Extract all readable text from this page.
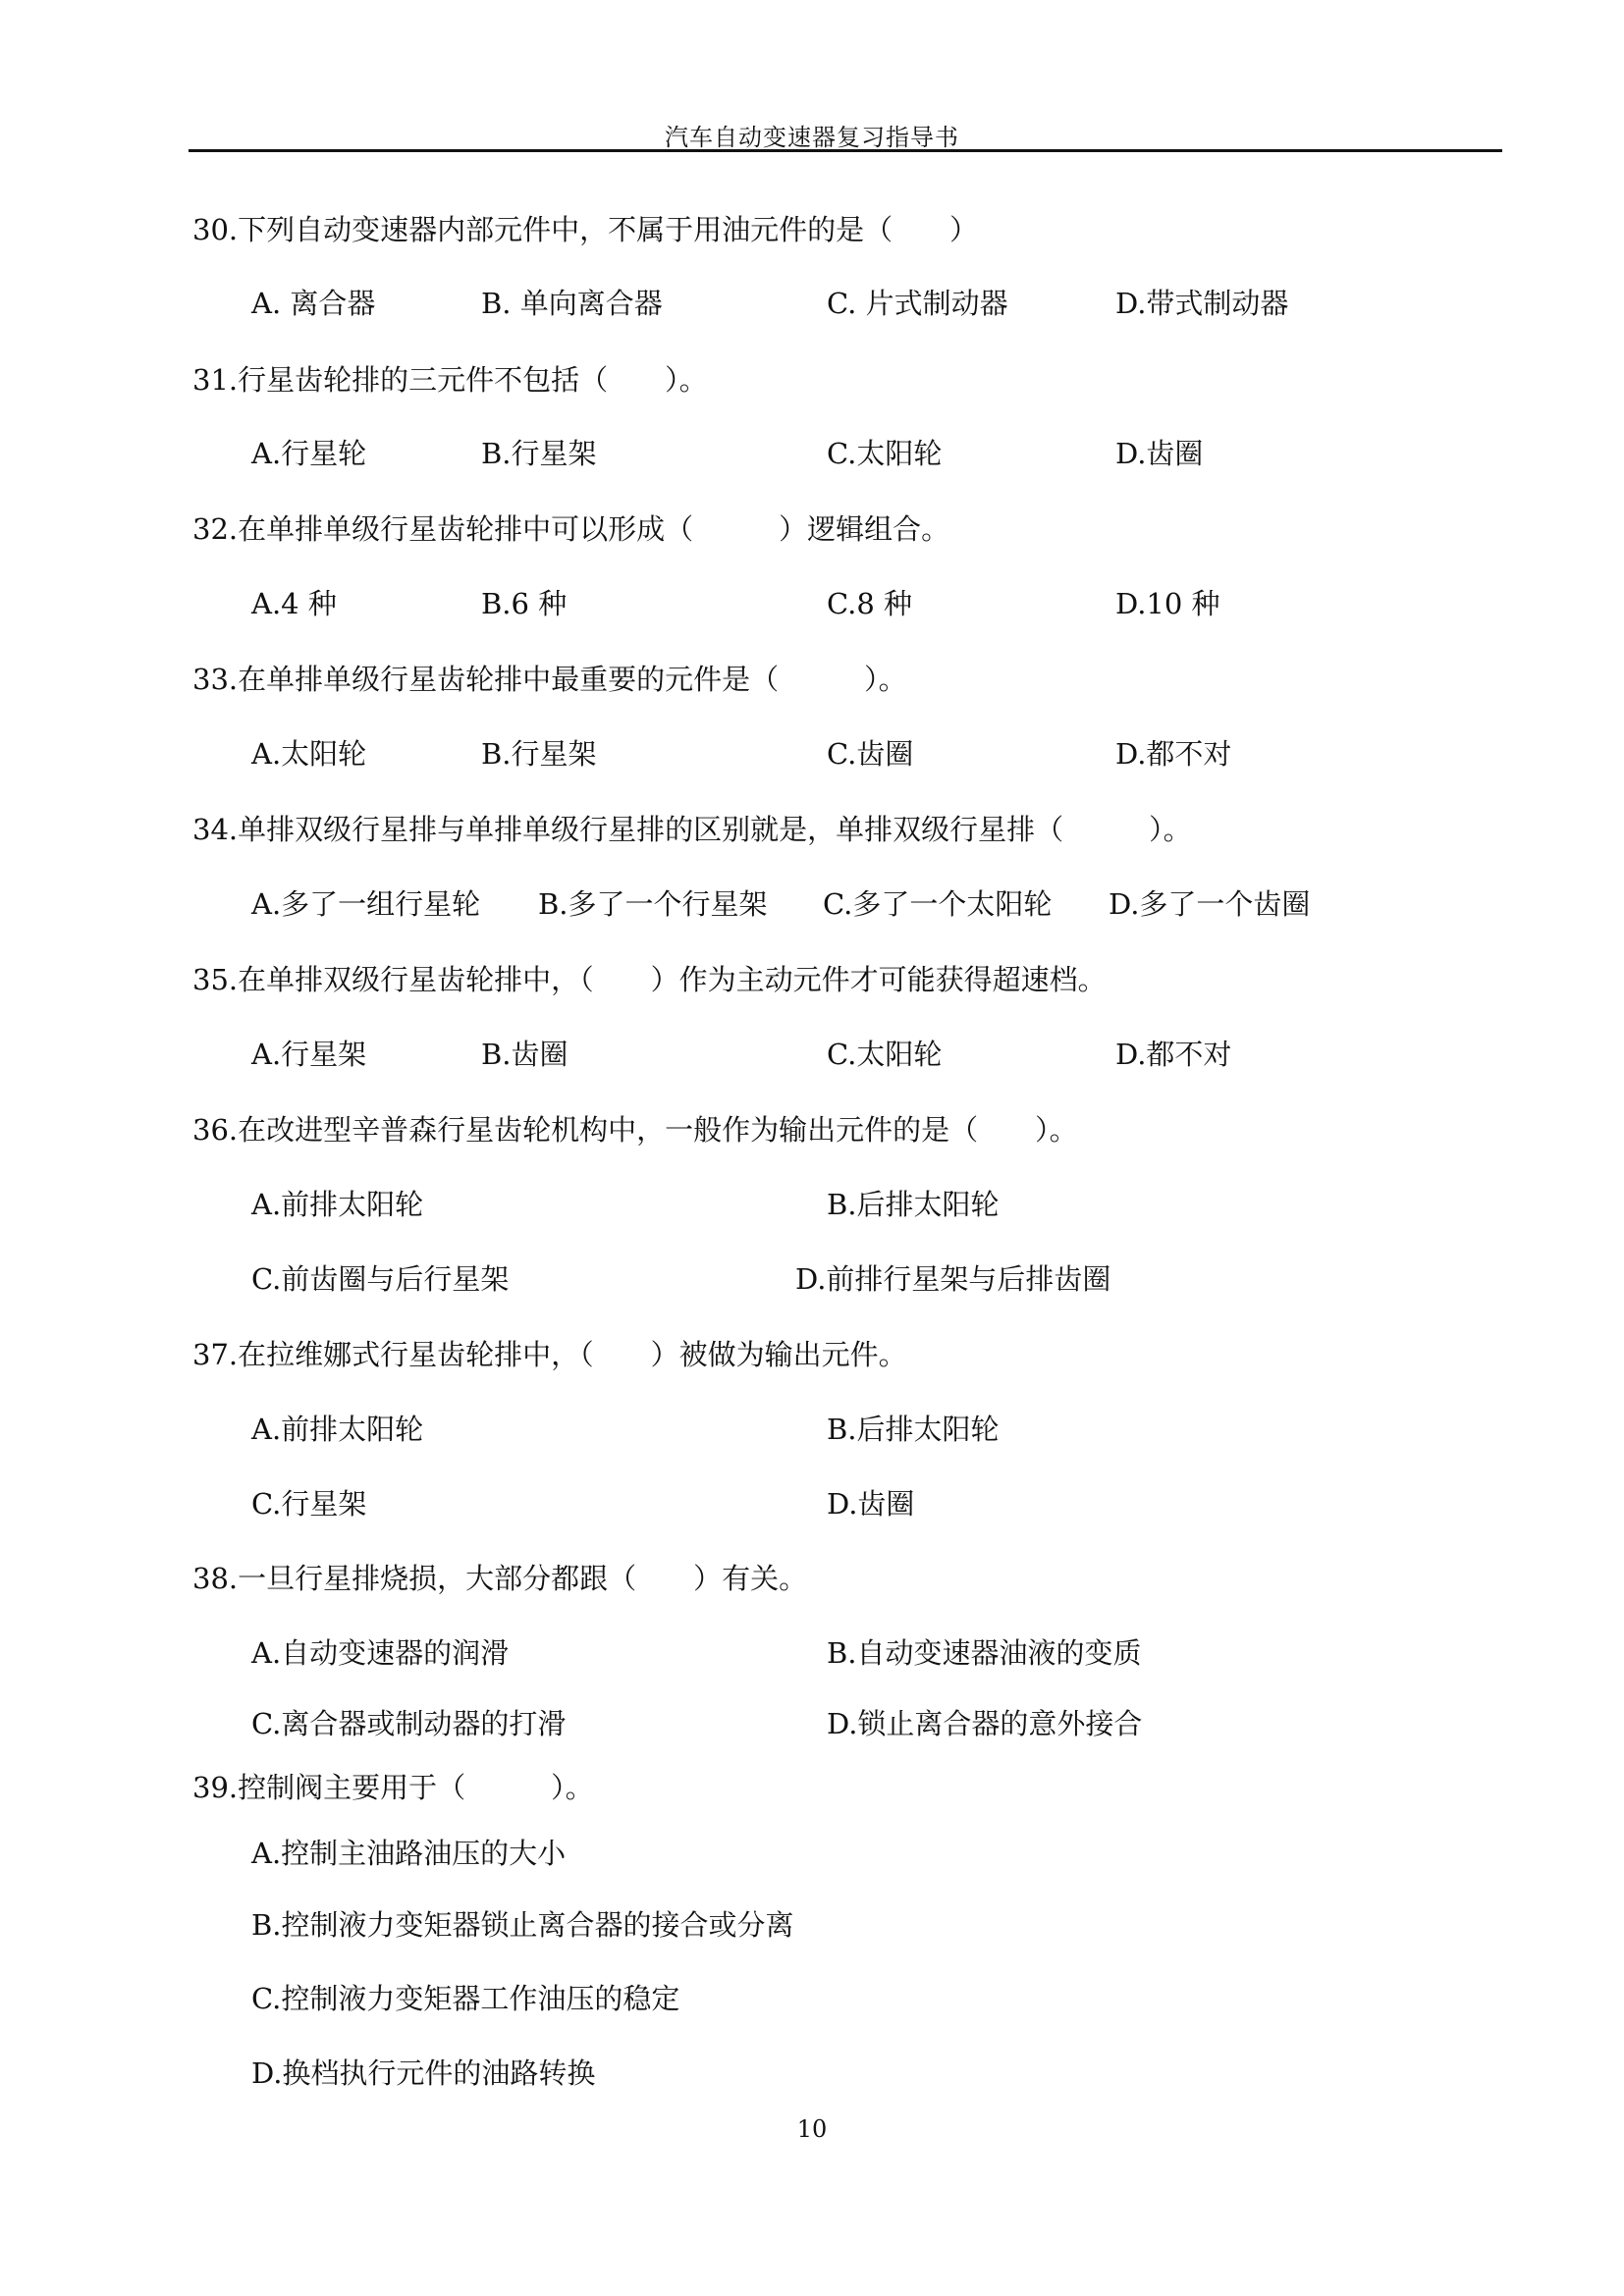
汽车自动变速器复习指导书
30.下列自动变速器内部元件中，不属于用油元件的是（　　）
A. 离合器	B. 单向离合器	C. 片式制动器	D.带式制动器
31.行星齿轮排的三元件不包括（　　）。
A.行星轮	B.行星架	C.太阳轮	D.齿圈
32.在单排单级行星齿轮排中可以形成（　　　）逻辑组合。
A.4 种	B.6 种	C.8 种	D.10 种
33.在单排单级行星齿轮排中最重要的元件是（　　　）。
A.太阳轮	B.行星架	C.齿圈	D.都不对
34.单排双级行星排与单排单级行星排的区别就是，单排双级行星排（　　　）。
A.多了一组行星轮 B.多了一个行星架 C.多了一个太阳轮 D.多了一个齿圈
35.在单排双级行星齿轮排中，（　　）作为主动元件才可能获得超速档。
A.行星架	B.齿圈	C.太阳轮	D.都不对
36.在改进型辛普森行星齿轮机构中，一般作为输出元件的是（　　）。
A.前排太阳轮	B.后排太阳轮
C.前齿圈与后行星架	D.前排行星架与后排齿圈
37.在拉维娜式行星齿轮排中，（　　）被做为输出元件。
A.前排太阳轮	B.后排太阳轮
C.行星架	D.齿圈
38.一旦行星排烧损，大部分都跟（　　）有关。
A.自动变速器的润滑	B.自动变速器油液的变质
C.离合器或制动器的打滑	D.锁止离合器的意外接合
39.控制阀主要用于（　　　）。
A.控制主油路油压的大小
B.控制液力变矩器锁止离合器的接合或分离
C.控制液力变矩器工作油压的稳定
D.换档执行元件的油路转换
10
